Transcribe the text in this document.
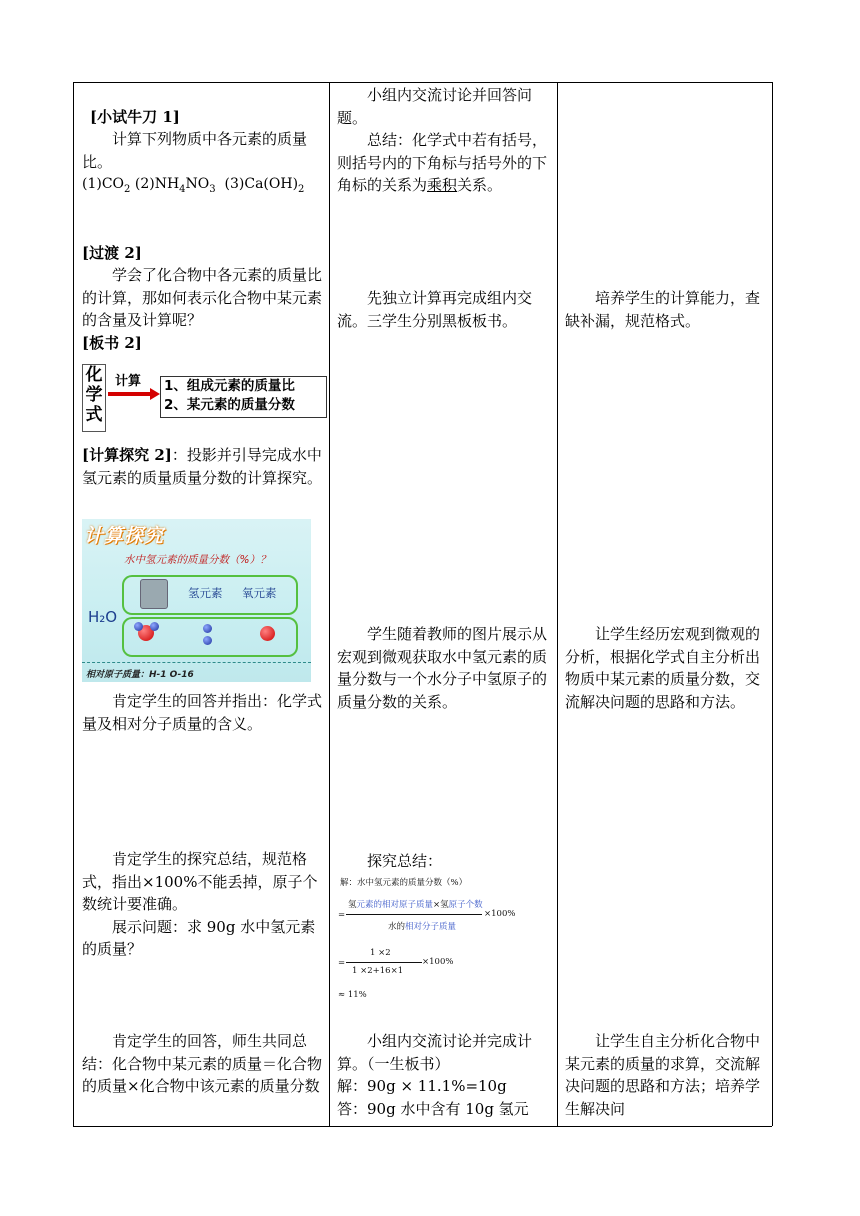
[小试牛刀 1]

计算下列物质中各元素的质量比。

$(1)CO_2$ $(2)NH_4NO_3$  $(3)Ca(OH)_2$
[过渡 2]

学会了化合物中各元素的质量比的计算，那如何表示化合物中某元素的含量及计算呢？

[板书 2]
化学式
计算 1、组成元素的质量比
2、某元素的质量分数
[计算探究 2]：投影并引导完成水中氢元素的质量质量分数的计算探究。
计算探究
水中氢元素的质量分数（%）？
氢元素 氧元素
H₂O
相对原子质量：H-1 O-16

肯定学生的回答并指出：化学式量及相对分子质量的含义。

肯定学生的探究总结，规范格式，指出×100%不能丢掉，原子个数统计要准确。

展示问题：求 90g 水中氢元素的质量？

肯定学生的回答，师生共同总结：化合物中某元素的质量＝化合物的质量×化合物中该元素的质量分数

小组内交流讨论并回答问题。

总结：化学式中若有括号，则括号内的下角标与括号外的下角标的关系为乘积关系。

先独立计算再完成组内交流。三学生分别黑板板书。

学生随着教师的图片展示从宏观到微观获取水中氢元素的质量分数与一个水分子中氢原子的质量分数的关系。

探究总结：

解：水中氢元素的质量分数（%）
氢元素的相对原子质量×氢原子个数
=	×100%
水的相对分子质量
=
1 ×2
×100%
1 ×2+16×1
≈ 11%

小组内交流讨论并完成计算。（一生板书）

解：90g × 11.1%=10g

答：90g 水中含有 10g 氢元

培养学生的计算能力，查缺补漏，规范格式。

让学生经历宏观到微观的分析，根据化学式自主分析出物质中某元素的质量分数，交流解决问题的思路和方法。

让学生自主分析化合物中某元素的质量的求算，交流解决问题的思路和方法；培养学生解决问
